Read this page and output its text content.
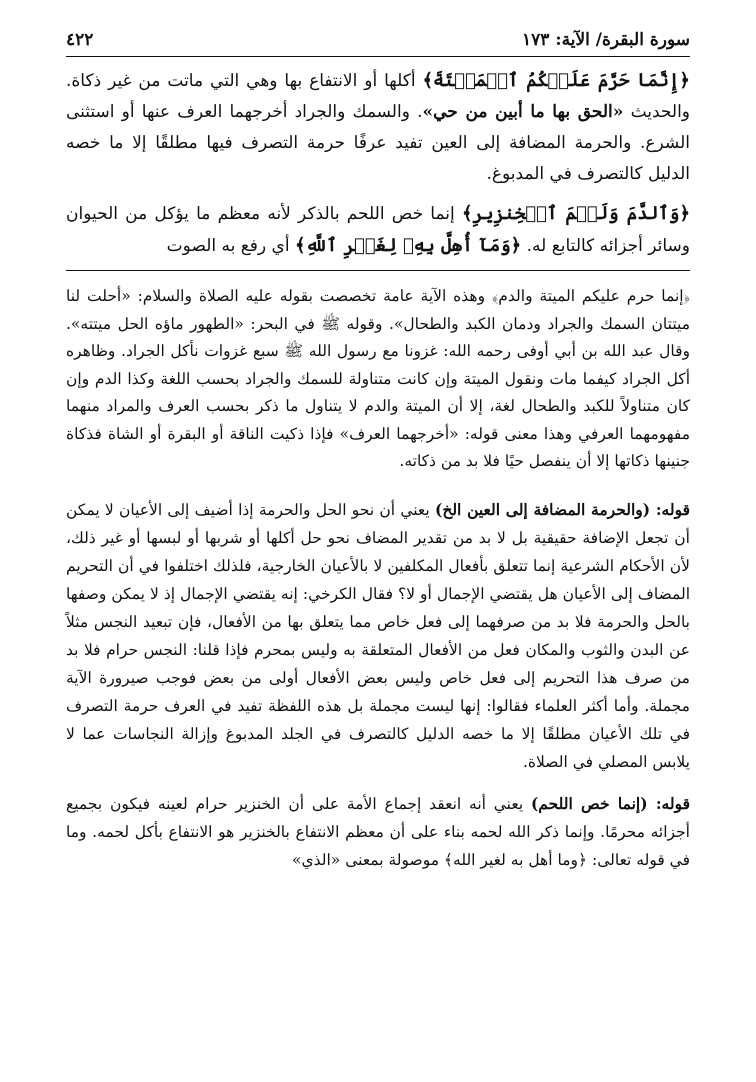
سورة البقرة/ الآية: ١٧٣
٤٢٢

﴿إِنَّمَا حَرَّمَ عَلَيۡكُمُ ٱلۡمَيۡتَةَ﴾ أكلها أو الانتفاع بها وهي التي ماتت من غير ذكاة. والحديث «الحق بها ما أبين من حي». والسمك والجراد أخرجهما العرف عنها أو استثنى الشرع. والحرمة المضافة إلى العين تفيد عرفًا حرمة التصرف فيها مطلقًا إلا ما خصه الدليل كالتصرف في المدبوغ.

﴿وَٱلدَّمَ وَلَحۡمَ ٱلۡخِنزِيرِ﴾ إنما خص اللحم بالذكر لأنه معظم ما يؤكل من الحيوان وسائر أجزائه كالتابع له. ﴿وَمَآ أُهِلَّ بِهِۦ لِغَيۡرِ ٱللَّهِ﴾ أي رفع به الصوت

﴿إنما حرم عليكم الميتة والدم﴾ وهذه الآية عامة تخصصت بقوله عليه الصلاة والسلام: «أحلت لنا ميتتان السمك والجراد ودمان الكبد والطحال». وقوله ﷺ في البحر: «الطهور ماؤه الحل ميتته». وقال عبد الله بن أبي أوفى رحمه الله: غزونا مع رسول الله ﷺ سبع غزوات نأكل الجراد. وظاهره أكل الجراد كيفما مات ونقول الميتة وإن كانت متناولة للسمك والجراد بحسب اللغة وكذا الدم وإن كان متناولاً للكبد والطحال لغة، إلا أن الميتة والدم لا يتناول ما ذكر بحسب العرف والمراد منهما مفهومهما العرفي وهذا معنى قوله: «أخرجهما العرف» فإذا ذكيت الناقة أو البقرة أو الشاة فذكاة جنينها ذكاتها إلا أن ينفصل حيًا فلا بد من ذكاته.

قوله: (والحرمة المضافة إلى العين الخ) يعني أن نحو الحل والحرمة إذا أضيف إلى الأعيان لا يمكن أن تجعل الإضافة حقيقية بل لا بد من تقدير المضاف نحو حل أكلها أو شربها أو لبسها أو غير ذلك، لأن الأحكام الشرعية إنما تتعلق بأفعال المكلفين لا بالأعيان الخارجية، فلذلك اختلفوا في أن التحريم المضاف إلى الأعيان هل يقتضي الإجمال أو لا؟ فقال الكرخي: إنه يقتضي الإجمال إذ لا يمكن وصفها بالحل والحرمة فلا بد من صرفهما إلى فعل خاص مما يتعلق بها من الأفعال، فإن تبعيد النجس مثلاً عن البدن والثوب والمكان فعل من الأفعال المتعلقة به وليس بمحرم فإذا قلنا: النجس حرام فلا بد من صرف هذا التحريم إلى فعل خاص وليس بعض الأفعال أولى من بعض فوجب صيرورة الآية مجملة. وأما أكثر العلماء فقالوا: إنها ليست مجملة بل هذه اللفظة تفيد في العرف حرمة التصرف في تلك الأعيان مطلقًا إلا ما خصه الدليل كالتصرف في الجلد المدبوغ وإزالة النجاسات عما لا يلابس المصلي في الصلاة.

قوله: (إنما خص اللحم) يعني أنه انعقد إجماع الأمة على أن الخنزير حرام لعينه فيكون بجميع أجزائه محرمًا. وإنما ذكر الله لحمه بناء على أن معظم الانتفاع بالخنزير هو الانتفاع بأكل لحمه. وما في قوله تعالى: ﴿وما أهل به لغير الله﴾ موصولة بمعنى «الذي»
